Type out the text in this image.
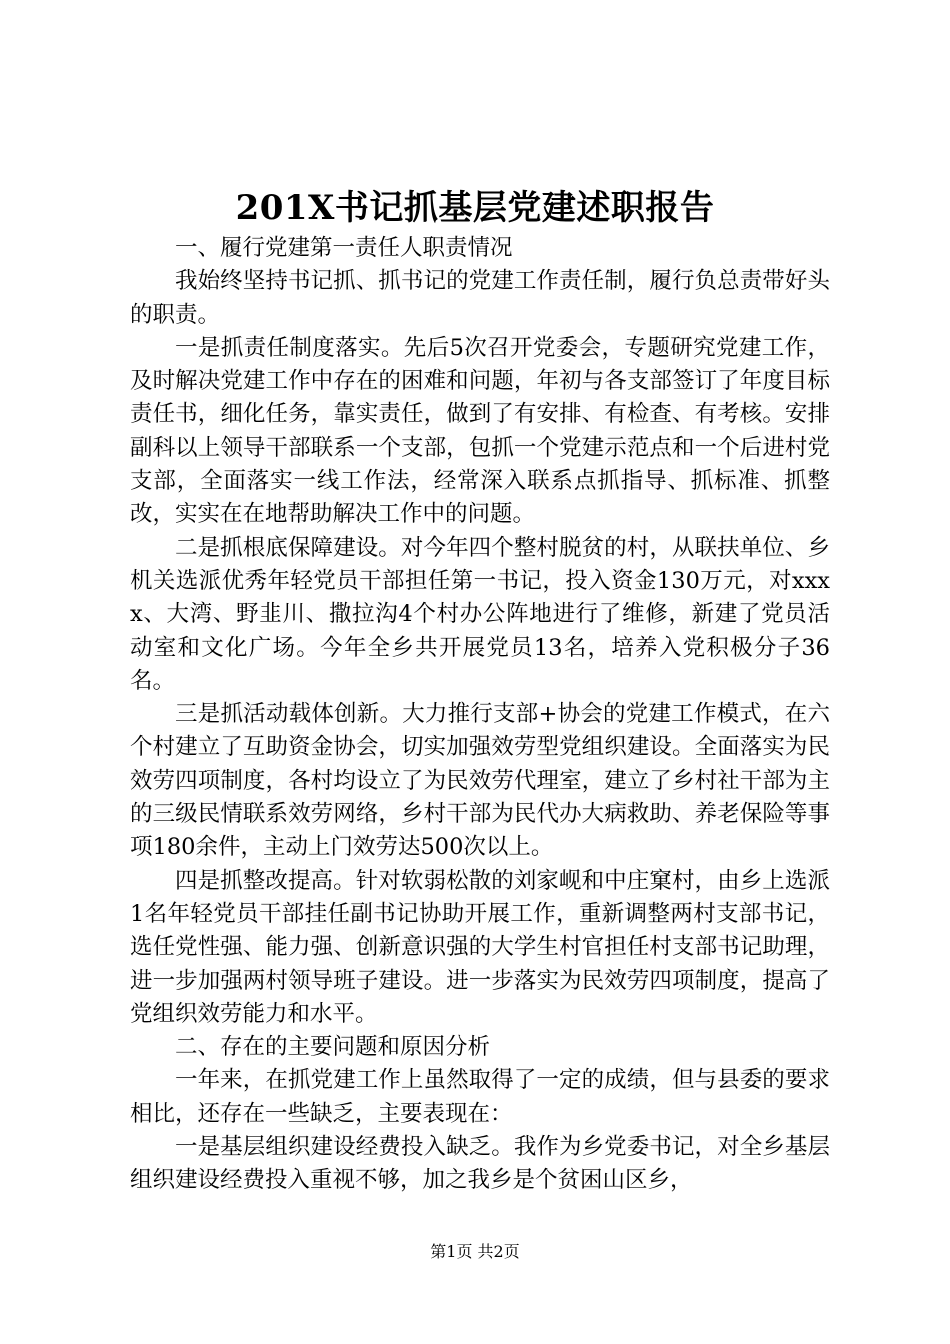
201X书记抓基层党建述职报告

一、履行党建第一责任人职责情况

我始终坚持书记抓、抓书记的党建工作责任制，履行负总责带好头的职责。

一是抓责任制度落实。先后5次召开党委会，专题研究党建工作，及时解决党建工作中存在的困难和问题，年初与各支部签订了年度目标责任书，细化任务，靠实责任，做到了有安排、有检查、有考核。安排副科以上领导干部联系一个支部，包抓一个党建示范点和一个后进村党支部，全面落实一线工作法，经常深入联系点抓指导、抓标准、抓整改，实实在在地帮助解决工作中的问题。

二是抓根底保障建设。对今年四个整村脱贫的村，从联扶单位、乡机关选派优秀年轻党员干部担任第一书记，投入资金130万元，对xxxx、大湾、野韭川、撒拉沟4个村办公阵地进行了维修，新建了党员活动室和文化广场。今年全乡共开展党员13名，培养入党积极分子36名。

三是抓活动载体创新。大力推行支部+协会的党建工作模式，在六个村建立了互助资金协会，切实加强效劳型党组织建设。全面落实为民效劳四项制度，各村均设立了为民效劳代理室，建立了乡村社干部为主的三级民情联系效劳网络，乡村干部为民代办大病救助、养老保险等事项180余件，主动上门效劳达500次以上。

四是抓整改提高。针对软弱松散的刘家岘和中庄窠村，由乡上选派1名年轻党员干部挂任副书记协助开展工作，重新调整两村支部书记，选任党性强、能力强、创新意识强的大学生村官担任村支部书记助理，进一步加强两村领导班子建设。进一步落实为民效劳四项制度，提高了党组织效劳能力和水平。

二、存在的主要问题和原因分析

一年来，在抓党建工作上虽然取得了一定的成绩，但与县委的要求相比，还存在一些缺乏，主要表现在：

一是基层组织建设经费投入缺乏。我作为乡党委书记，对全乡基层组织建设经费投入重视不够，加之我乡是个贫困山区乡，

第1页 共2页
